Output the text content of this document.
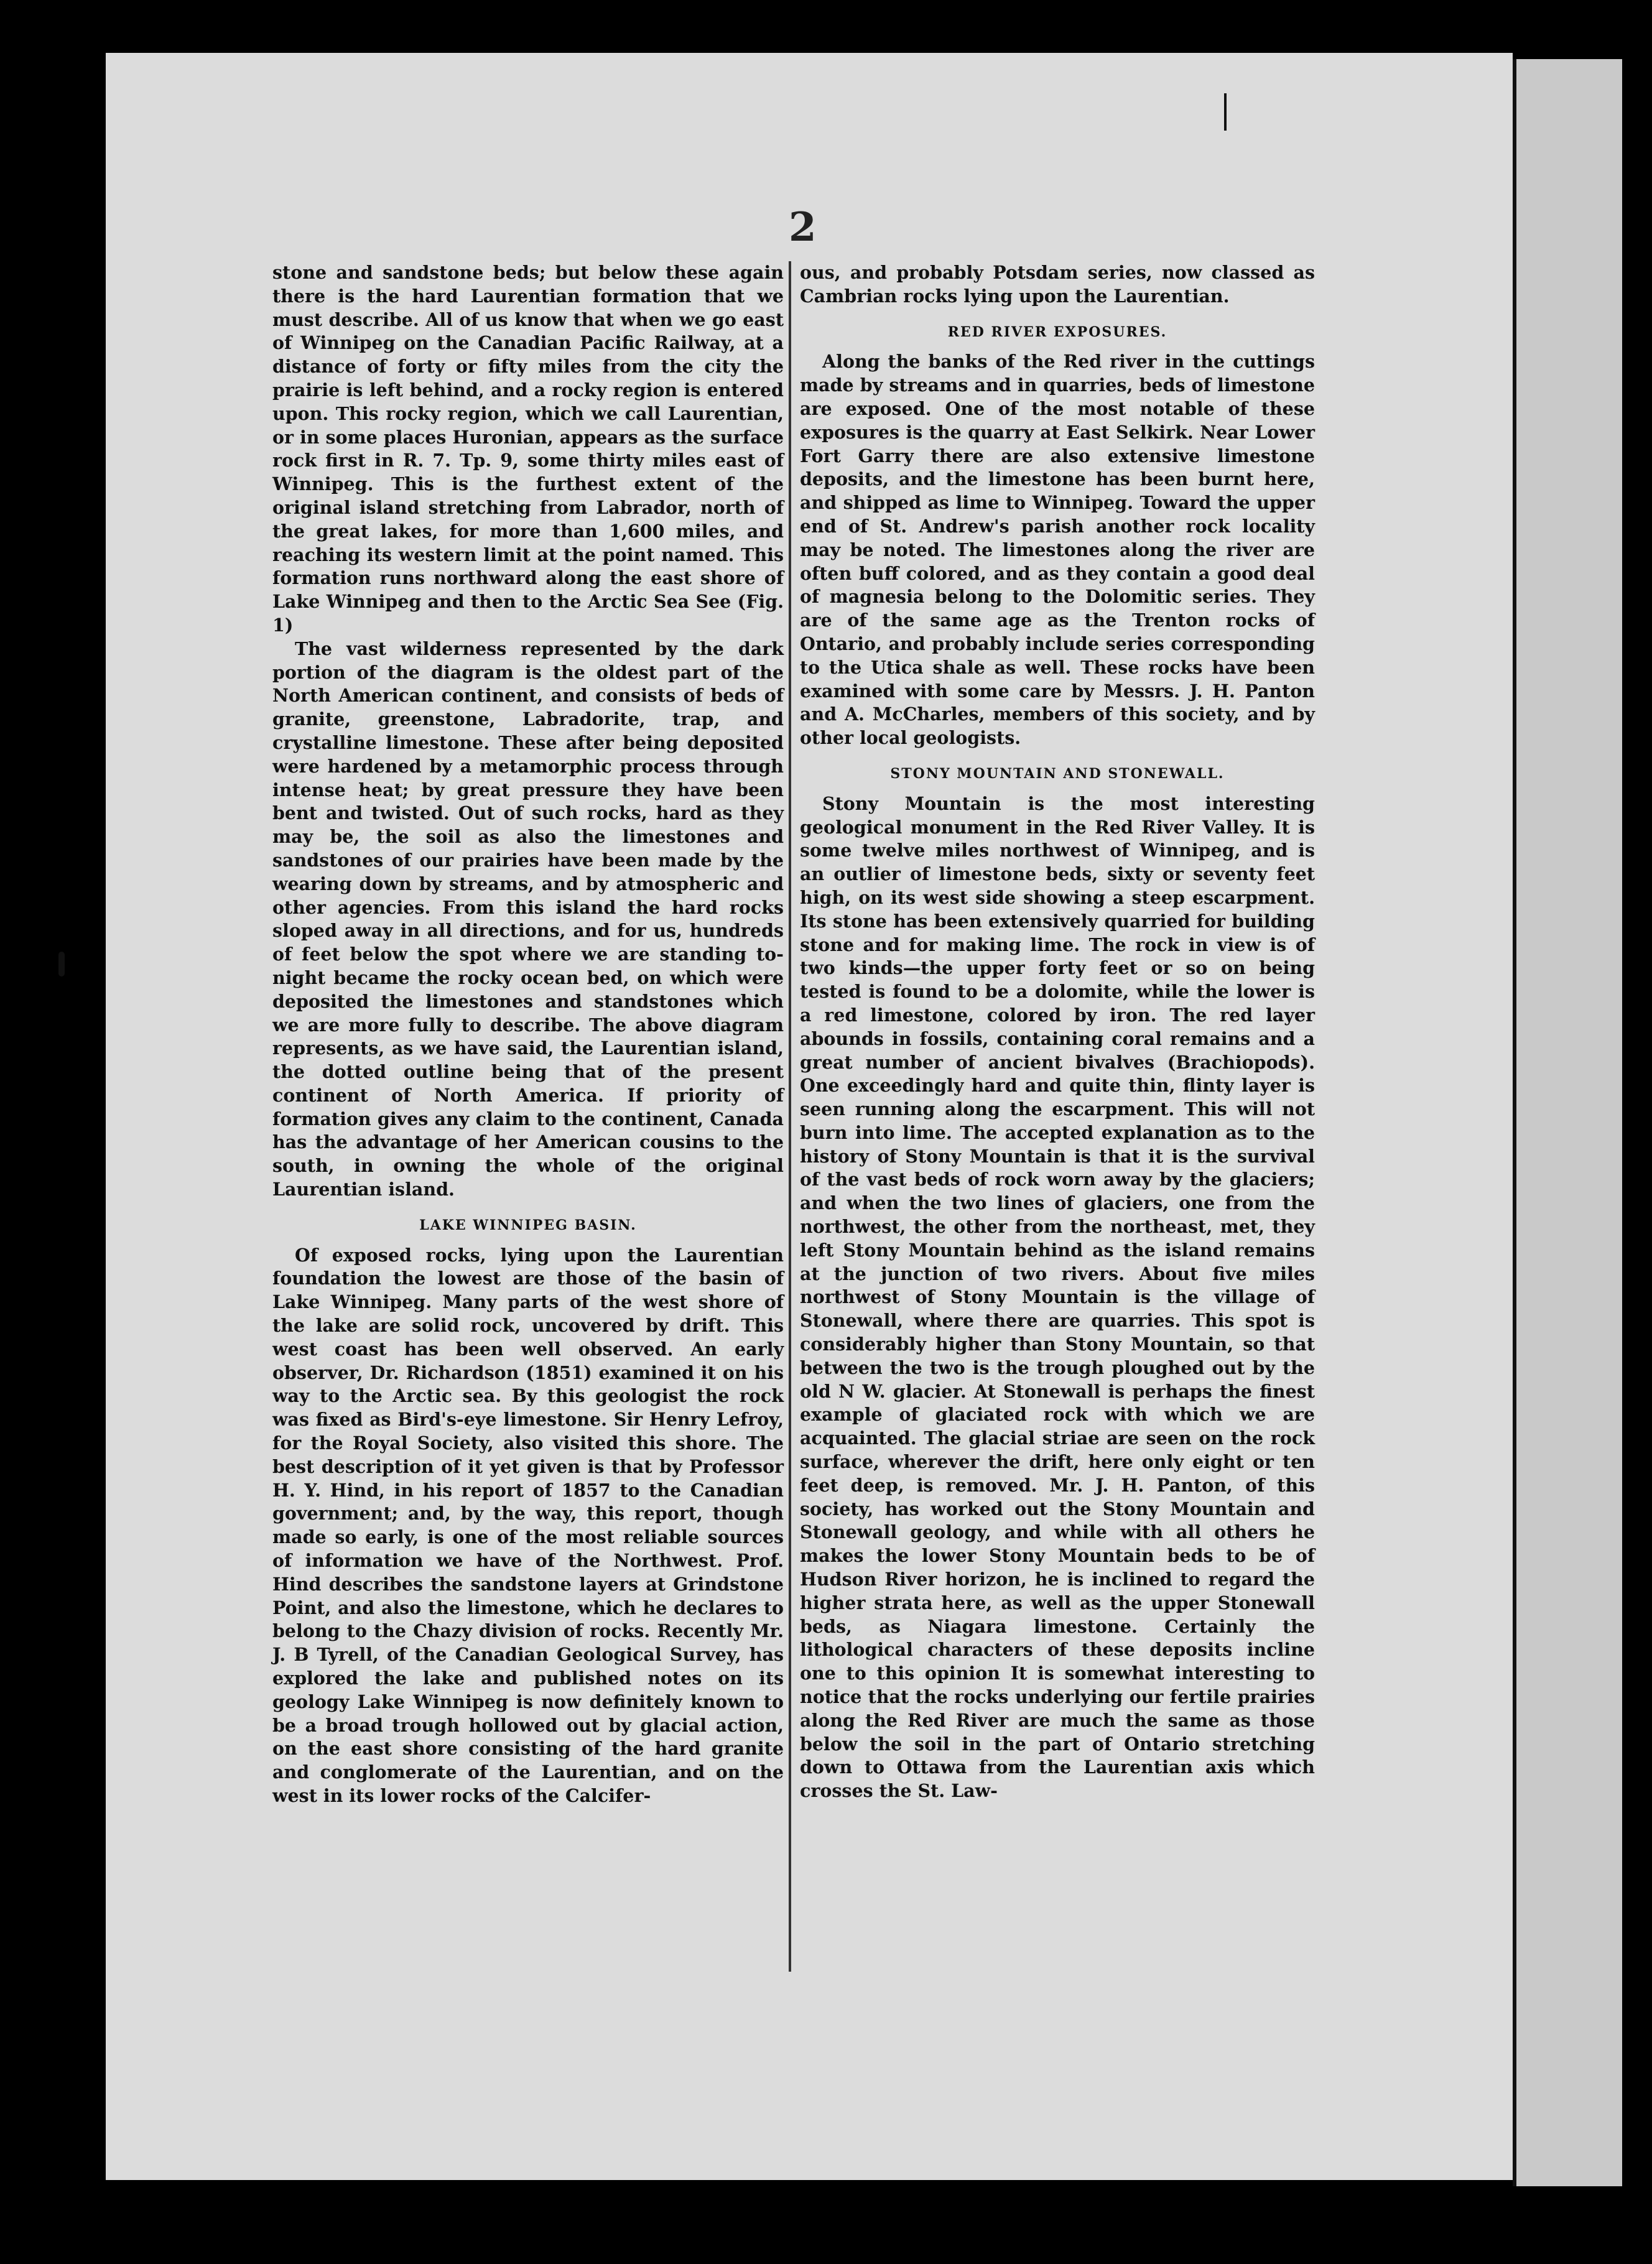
2

stone and sandstone beds; but below these again there is the hard Laurentian formation that we must describe. All of us know that when we go east of Winnipeg on the Canadian Pacific Railway, at a distance of forty or fifty miles from the city the prairie is left behind, and a rocky region is entered upon. This rocky region, which we call Laurentian, or in some places Huronian, appears as the surface rock first in R. 7. Tp. 9, some thirty miles east of Winnipeg. This is the furthest extent of the original island stretching from Labrador, north of the great lakes, for more than 1,600 miles, and reaching its western limit at the point named. This formation runs northward along the east shore of Lake Winnipeg and then to the Arctic Sea See (Fig. 1)

The vast wilderness represented by the dark portion of the diagram is the oldest part of the North American continent, and consists of beds of granite, greenstone, Labradorite, trap, and crystalline limestone. These after being deposited were hardened by a metamorphic process through intense heat; by great pressure they have been bent and twisted. Out of such rocks, hard as they may be, the soil as also the limestones and sandstones of our prairies have been made by the wearing down by streams, and by atmospheric and other agencies. From this island the hard rocks sloped away in all directions, and for us, hundreds of feet below the spot where we are standing to-night became the rocky ocean bed, on which were deposited the limestones and standstones which we are more fully to describe. The above diagram represents, as we have said, the Laurentian island, the dotted outline being that of the present continent of North America. If priority of formation gives any claim to the continent, Canada has the advantage of her American cousins to the south, in owning the whole of the original Laurentian island.

LAKE WINNIPEG BASIN.

Of exposed rocks, lying upon the Laurentian foundation the lowest are those of the basin of Lake Winnipeg. Many parts of the west shore of the lake are solid rock, uncovered by drift. This west coast has been well observed. An early observer, Dr. Richardson (1851) examined it on his way to the Arctic sea. By this geologist the rock was fixed as Bird's-eye limestone. Sir Henry Lefroy, for the Royal Society, also visited this shore. The best description of it yet given is that by Professor H. Y. Hind, in his report of 1857 to the Canadian government; and, by the way, this report, though made so early, is one of the most reliable sources of information we have of the Northwest. Prof. Hind describes the sandstone layers at Grindstone Point, and also the limestone, which he declares to belong to the Chazy division of rocks. Recently Mr. J. B Tyrell, of the Canadian Geological Survey, has explored the lake and published notes on its geology Lake Winnipeg is now definitely known to be a broad trough hollowed out by glacial action, on the east shore consisting of the hard granite and conglomerate of the Laurentian, and on the west in its lower rocks of the Calcifer-

ous, and probably Potsdam series, now classed as Cambrian rocks lying upon the Laurentian.

RED RIVER EXPOSURES.

Along the banks of the Red river in the cuttings made by streams and in quarries, beds of limestone are exposed. One of the most notable of these exposures is the quarry at East Selkirk. Near Lower Fort Garry there are also extensive limestone deposits, and the limestone has been burnt here, and shipped as lime to Winnipeg. Toward the upper end of St. Andrew's parish another rock locality may be noted. The limestones along the river are often buff colored, and as they contain a good deal of magnesia belong to the Dolomitic series. They are of the same age as the Trenton rocks of Ontario, and probably include series corresponding to the Utica shale as well. These rocks have been examined with some care by Messrs. J. H. Panton and A. McCharles, members of this society, and by other local geologists.

STONY MOUNTAIN AND STONEWALL.

Stony Mountain is the most interesting geological monument in the Red River Valley. It is some twelve miles northwest of Winnipeg, and is an outlier of limestone beds, sixty or seventy feet high, on its west side showing a steep escarpment. Its stone has been extensively quarried for building stone and for making lime. The rock in view is of two kinds—the upper forty feet or so on being tested is found to be a dolomite, while the lower is a red limestone, colored by iron. The red layer abounds in fossils, containing coral remains and a great number of ancient bivalves (Brachiopods). One exceedingly hard and quite thin, flinty layer is seen running along the escarpment. This will not burn into lime. The accepted explanation as to the history of Stony Mountain is that it is the survival of the vast beds of rock worn away by the glaciers; and when the two lines of glaciers, one from the northwest, the other from the northeast, met, they left Stony Mountain behind as the island remains at the junction of two rivers. About five miles northwest of Stony Mountain is the village of Stonewall, where there are quarries. This spot is considerably higher than Stony Mountain, so that between the two is the trough ploughed out by the old N W. glacier. At Stonewall is perhaps the finest example of glaciated rock with which we are acquainted. The glacial striae are seen on the rock surface, wherever the drift, here only eight or ten feet deep, is removed. Mr. J. H. Panton, of this society, has worked out the Stony Mountain and Stonewall geology, and while with all others he makes the lower Stony Mountain beds to be of Hudson River horizon, he is inclined to regard the higher strata here, as well as the upper Stonewall beds, as Niagara limestone. Certainly the lithological characters of these deposits incline one to this opinion It is somewhat interesting to notice that the rocks underlying our fertile prairies along the Red River are much the same as those below the soil in the part of Ontario stretching down to Ottawa from the Laurentian axis which crosses the St. Law-
